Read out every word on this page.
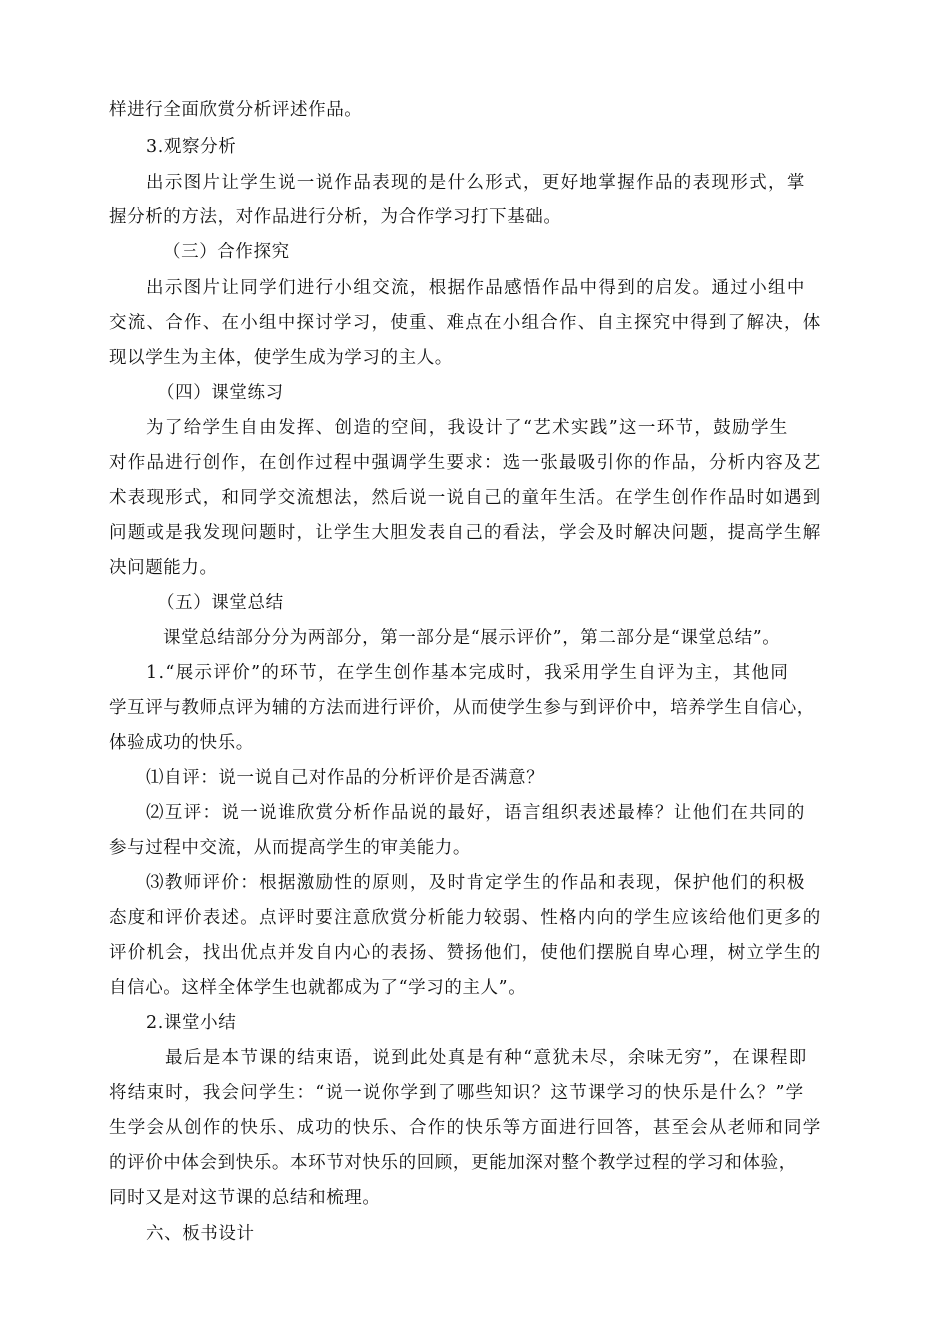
样进行全面欣赏分析评述作品。
3.观察分析
出示图片让学生说一说作品表现的是什么形式，更好地掌握作品的表现形式，掌
握分析的方法，对作品进行分析，为合作学习打下基础。
（三）合作探究
出示图片让同学们进行小组交流，根据作品感悟作品中得到的启发。通过小组中
交流、合作、在小组中探讨学习，使重、难点在小组合作、自主探究中得到了解决，体
现以学生为主体，使学生成为学习的主人。
（四）课堂练习
为了给学生自由发挥、创造的空间，我设计了“艺术实践”这一环节，鼓励学生
对作品进行创作，在创作过程中强调学生要求：选一张最吸引你的作品，分析内容及艺
术表现形式，和同学交流想法，然后说一说自己的童年生活。在学生创作作品时如遇到
问题或是我发现问题时，让学生大胆发表自己的看法，学会及时解决问题，提高学生解
决问题能力。
（五）课堂总结
课堂总结部分分为两部分，第一部分是“展示评价”，第二部分是“课堂总结”。
1.“展示评价”的环节，在学生创作基本完成时，我采用学生自评为主，其他同
学互评与教师点评为辅的方法而进行评价，从而使学生参与到评价中，培养学生自信心，
体验成功的快乐。
⑴自评：说一说自己对作品的分析评价是否满意？
⑵互评：说一说谁欣赏分析作品说的最好，语言组织表述最棒？让他们在共同的
参与过程中交流，从而提高学生的审美能力。
⑶教师评价：根据激励性的原则，及时肯定学生的作品和表现，保护他们的积极
态度和评价表述。点评时要注意欣赏分析能力较弱、性格内向的学生应该给他们更多的
评价机会，找出优点并发自内心的表扬、赞扬他们，使他们摆脱自卑心理，树立学生的
自信心。这样全体学生也就都成为了“学习的主人”。
2.课堂小结
最后是本节课的结束语，说到此处真是有种“意犹未尽，余味无穷”，在课程即
将结束时，我会问学生：“说一说你学到了哪些知识？这节课学习的快乐是什么？”学
生学会从创作的快乐、成功的快乐、合作的快乐等方面进行回答，甚至会从老师和同学
的评价中体会到快乐。本环节对快乐的回顾，更能加深对整个教学过程的学习和体验，
同时又是对这节课的总结和梳理。
六、板书设计
